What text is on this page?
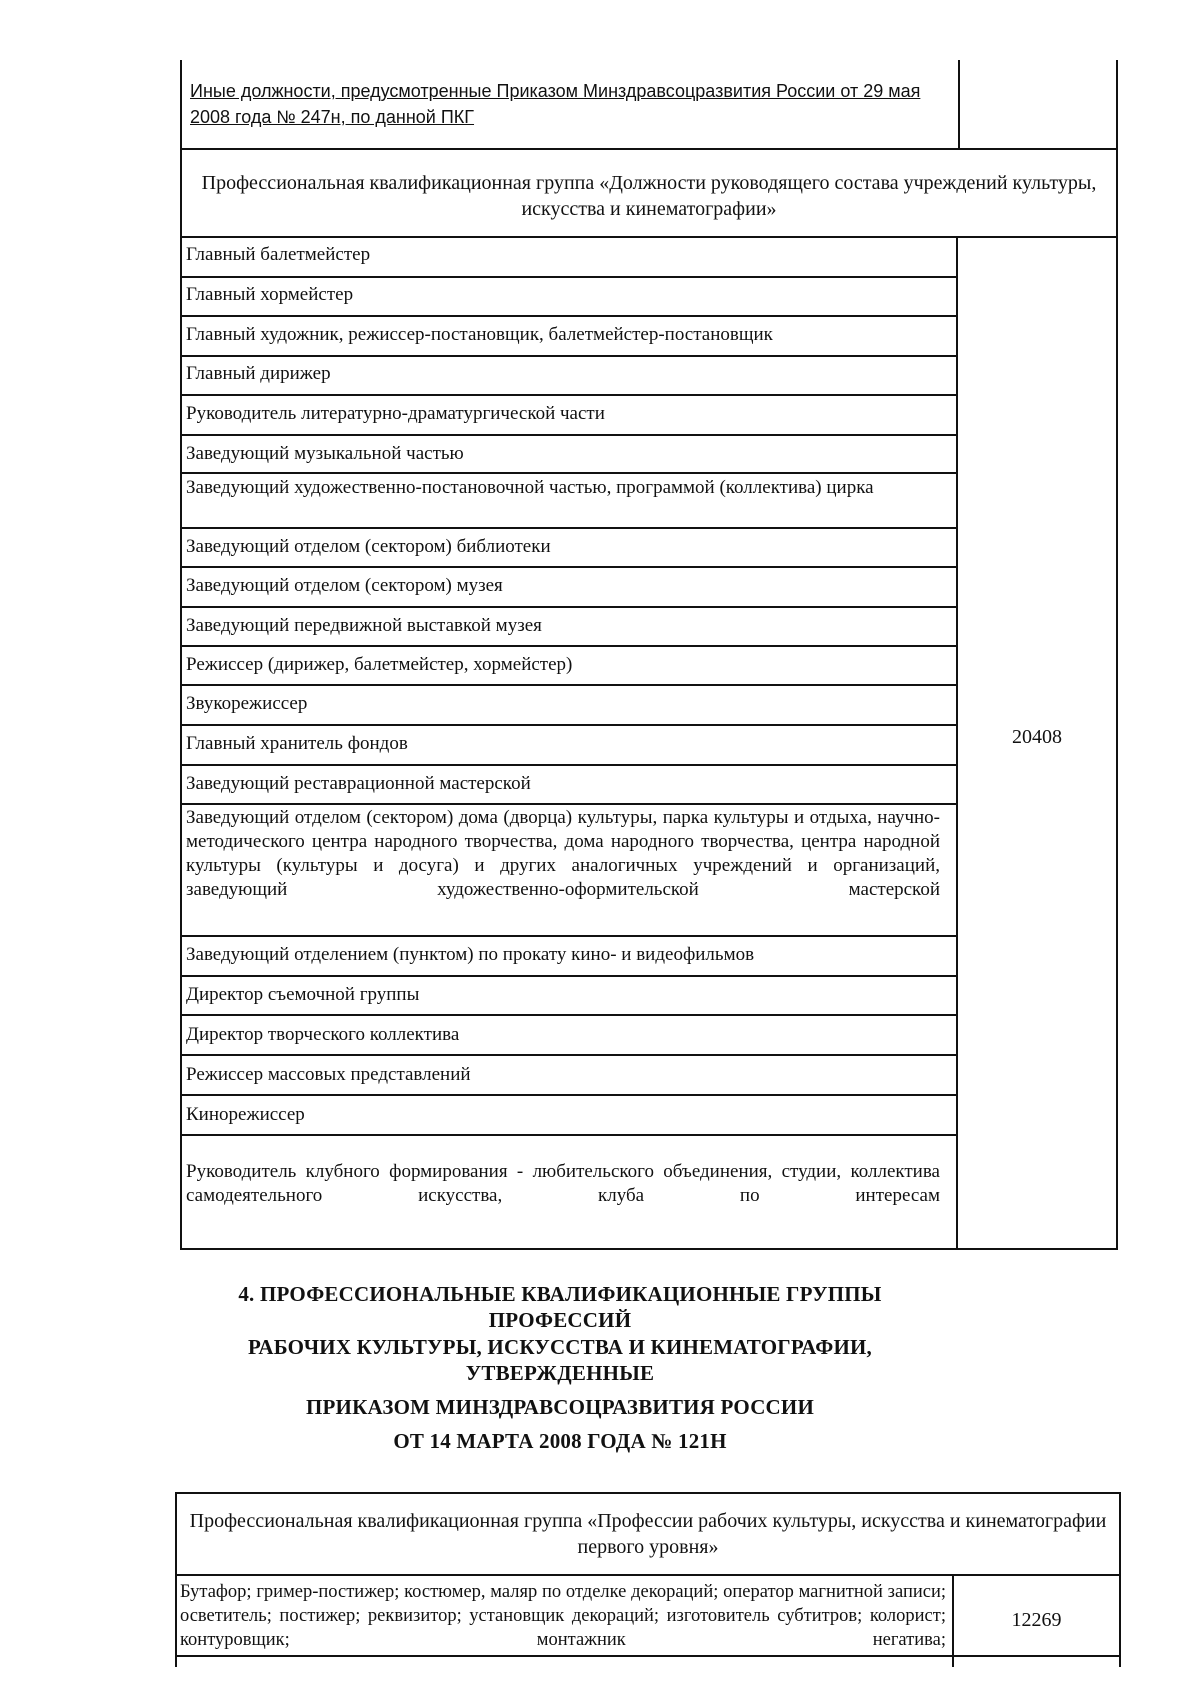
Иные должности, предусмотренные Приказом Минздравсоцразвития России от 29 мая 2008 года № 247н, по данной ПКГ
Профессиональная квалификационная группа «Должности руководящего состава учреждений культуры, искусства и кинематографии»
20408
Главный балетмейстер
Главный хормейстер
Главный художник, режиссер-постановщик, балетмейстер-постановщик
Главный дирижер
Руководитель литературно-драматургической части
Заведующий музыкальной частью
Заведующий художественно-постановочной частью, программой (коллектива) цирка
Заведующий отделом (сектором) библиотеки
Заведующий отделом (сектором) музея
Заведующий передвижной выставкой музея
Режиссер (дирижер, балетмейстер, хормейстер)
Звукорежиссер
Главный хранитель фондов
Заведующий реставрационной мастерской
Заведующий отделом (сектором) дома (дворца) культуры, парка культуры и отдыха, научно-методического центра народного творчества, дома народного творчества, центра народной культуры (культуры и досуга) и других аналогичных учреждений и организаций, заведующий художественно-оформительской мастерской
Заведующий отделением (пунктом) по прокату кино- и видеофильмов
Директор съемочной группы
Директор творческого коллектива
Режиссер массовых представлений
Кинорежиссер
Руководитель клубного формирования - любительского объединения, студии, коллектива самодеятельного искусства, клуба по интересам
4. ПРОФЕССИОНАЛЬНЫЕ КВАЛИФИКАЦИОННЫЕ ГРУППЫ
ПРОФЕССИЙ
РАБОЧИХ КУЛЬТУРЫ, ИСКУССТВА И КИНЕМАТОГРАФИИ,
УТВЕРЖДЕННЫЕ
ПРИКАЗОМ МИНЗДРАВСОЦРАЗВИТИЯ РОССИИ
ОТ 14 МАРТА 2008 ГОДА № 121Н
Профессиональная квалификационная группа «Профессии рабочих культуры, искусства и кинематографии первого уровня»
Бутафор; гример-постижер; костюмер, маляр по отделке декораций; оператор магнитной записи; осветитель; постижер; реквизитор; установщик декораций; изготовитель субтитров; колорист; контуровщик; монтажник негатива;
12269
